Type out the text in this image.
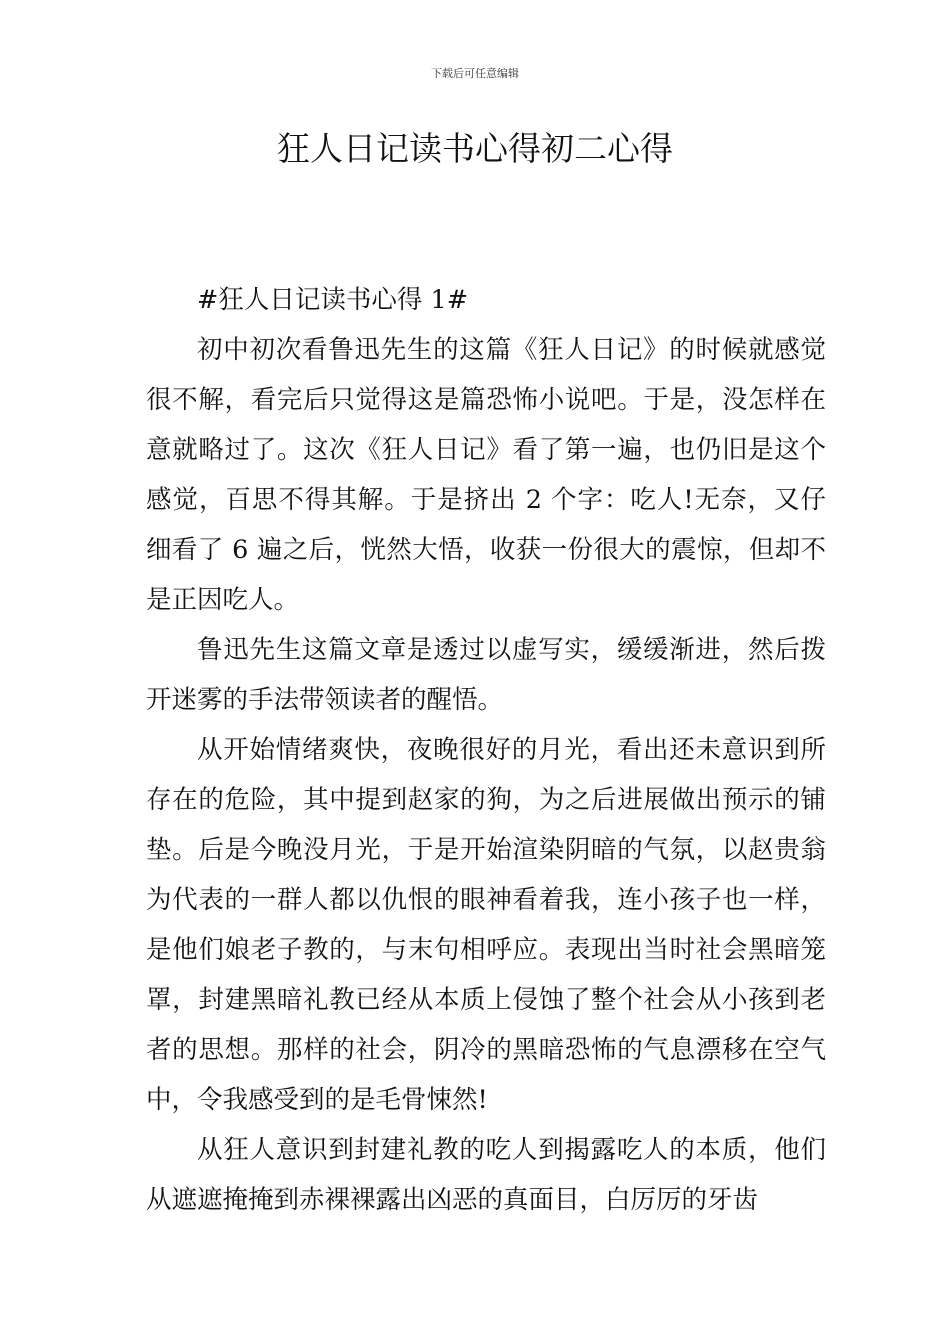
下载后可任意编辑
狂人日记读书心得初二心得

#狂人日记读书心得 1#

初中初次看鲁迅先生的这篇《狂人日记》的时候就感觉很不解，看完后只觉得这是篇恐怖小说吧。于是，没怎样在意就略过了。这次《狂人日记》看了第一遍，也仍旧是这个感觉，百思不得其解。于是挤出 2 个字：吃人!无奈，又仔细看了 6 遍之后，恍然大悟，收获一份很大的震惊，但却不是正因吃人。

鲁迅先生这篇文章是透过以虚写实，缓缓渐进，然后拨开迷雾的手法带领读者的醒悟。

从开始情绪爽快，夜晚很好的月光，看出还未意识到所存在的危险，其中提到赵家的狗，为之后进展做出预示的铺垫。后是今晚没月光，于是开始渲染阴暗的气氛，以赵贵翁为代表的一群人都以仇恨的眼神看着我，连小孩子也一样，是他们娘老子教的，与末句相呼应。表现出当时社会黑暗笼罩，封建黑暗礼教已经从本质上侵蚀了整个社会从小孩到老者的思想。那样的社会，阴冷的黑暗恐怖的气息漂移在空气中，令我感受到的是毛骨悚然!

从狂人意识到封建礼教的吃人到揭露吃人的本质，他们从遮遮掩掩到赤裸裸露出凶恶的真面目，白厉厉的牙齿
